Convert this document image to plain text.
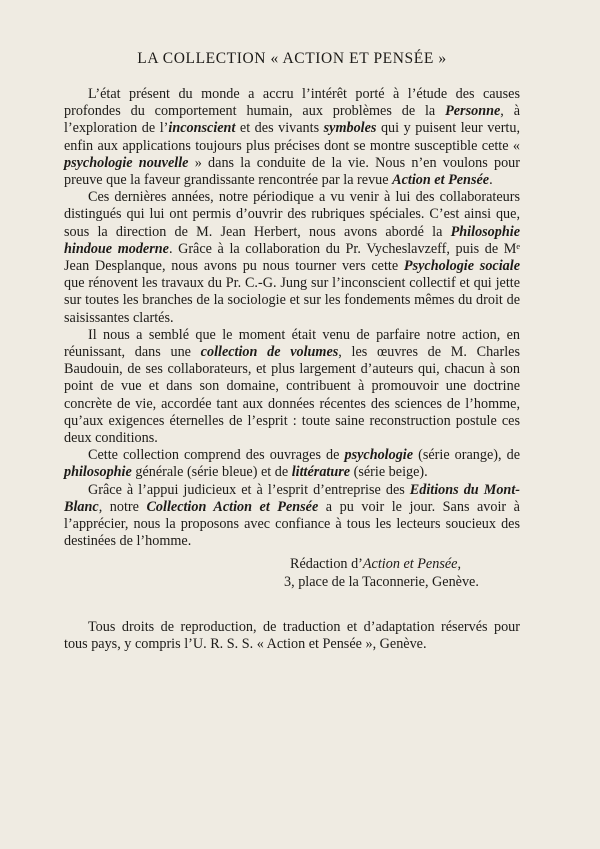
LA COLLECTION « ACTION ET PENSÉE »

L’état présent du monde a accru l’intérêt porté à l’étude des causes profondes du comportement humain, aux problèmes de la Personne, à l’exploration de l’inconscient et des vivants symboles qui y puisent leur vertu, enfin aux applications toujours plus précises dont se montre susceptible cette « psychologie nouvelle » dans la conduite de la vie. Nous n’en voulons pour preuve que la faveur grandissante rencontrée par la revue Action et Pensée.

Ces dernières années, notre périodique a vu venir à lui des collaborateurs distingués qui lui ont permis d’ouvrir des rubriques spéciales. C’est ainsi que, sous la direction de M. Jean Herbert, nous avons abordé la Philosophie hindoue moderne. Grâce à la collaboration du Pr. Vycheslavzeff, puis de Mᵉ Jean Desplanque, nous avons pu nous tourner vers cette Psychologie sociale que rénovent les travaux du Pr. C.-G. Jung sur l’inconscient collectif et qui jette sur toutes les branches de la sociologie et sur les fondements mêmes du droit de saisissantes clartés.

Il nous a semblé que le moment était venu de parfaire notre action, en réunissant, dans une collection de volumes, les œuvres de M. Charles Baudouin, de ses collaborateurs, et plus largement d’auteurs qui, chacun à son point de vue et dans son domaine, contribuent à promouvoir une doctrine concrète de vie, accordée tant aux données récentes des sciences de l’homme, qu’aux exigences éternelles de l’esprit : toute saine reconstruction postule ces deux conditions.

Cette collection comprend des ouvrages de psychologie (série orange), de philosophie générale (série bleue) et de littérature (série beige).

Grâce à l’appui judicieux et à l’esprit d’entreprise des Editions du Mont-Blanc, notre Collection Action et Pensée a pu voir le jour. Sans avoir à l’apprécier, nous la proposons avec confiance à tous les lecteurs soucieux des destinées de l’homme.

Rédaction d’Action et Pensée,
3, place de la Taconnerie, Genève.

Tous droits de reproduction, de traduction et d’adaptation réservés pour tous pays, y compris l’U. R. S. S. « Action et Pensée », Genève.
